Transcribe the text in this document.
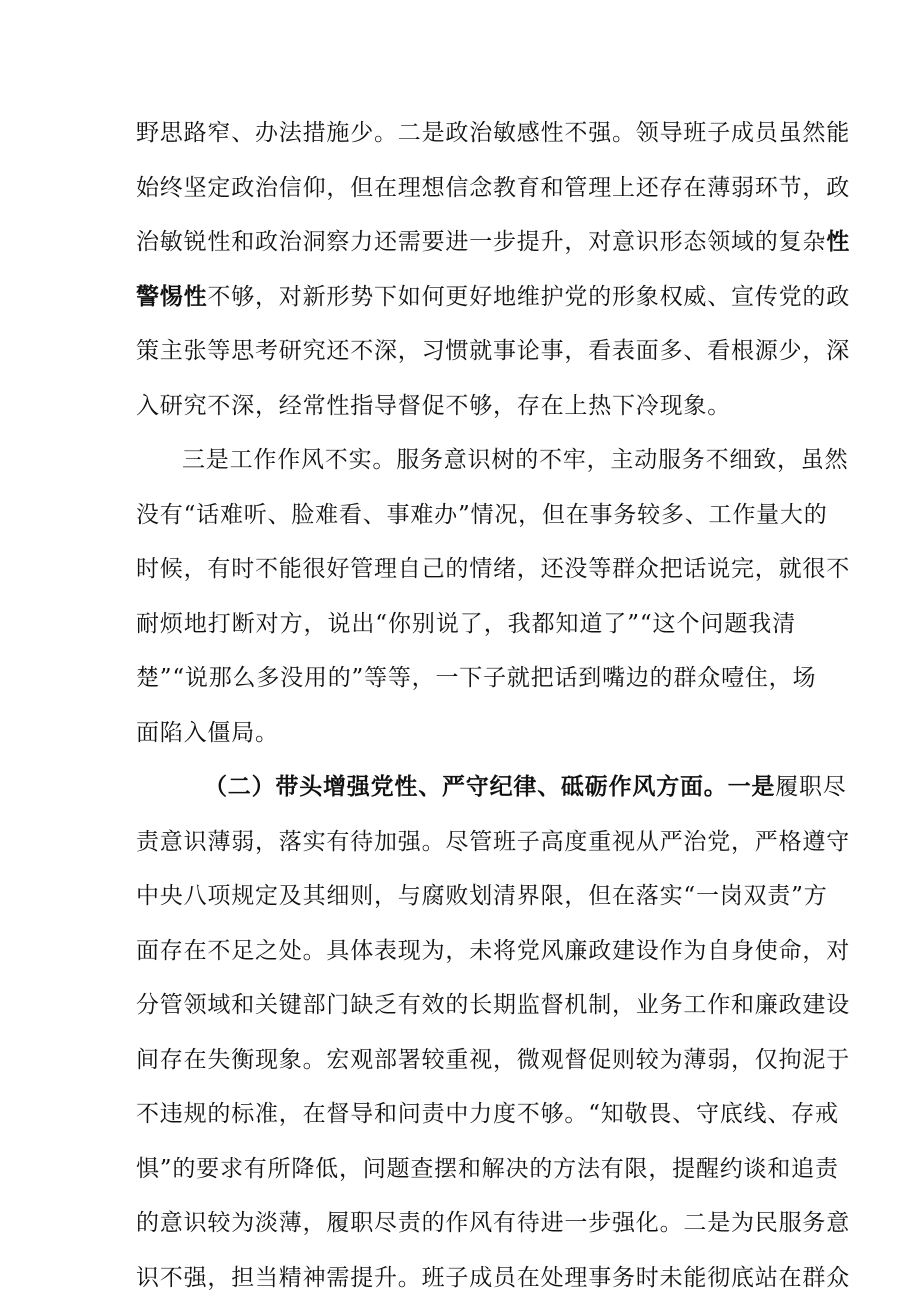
野思路窄、办法措施少。二是政治敏感性不强。领导班子成员虽然能
始终坚定政治信仰，但在理想信念教育和管理上还存在薄弱环节，政
治敏锐性和政治洞察力还需要进一步提升，对意识形态领域的复杂性
警惕性不够，对新形势下如何更好地维护党的形象权威、宣传党的政
策主张等思考研究还不深，习惯就事论事，看表面多、看根源少，深
入研究不深，经常性指导督促不够，存在上热下冷现象。
三是工作作风不实。服务意识树的不牢，主动服务不细致，虽然
没有“话难听、脸难看、事难办”情况，但在事务较多、工作量大的
时候，有时不能很好管理自己的情绪，还没等群众把话说完，就很不
耐烦地打断对方，说出“你别说了，我都知道了”“这个问题我清
楚”“说那么多没用的”等等，一下子就把话到嘴边的群众噎住，场
面陷入僵局。
（二）带头增强党性、严守纪律、砥砺作风方面。一是履职尽
责意识薄弱，落实有待加强。尽管班子高度重视从严治党，严格遵守
中央八项规定及其细则，与腐败划清界限，但在落实“一岗双责”方
面存在不足之处。具体表现为，未将党风廉政建设作为自身使命，对
分管领域和关键部门缺乏有效的长期监督机制，业务工作和廉政建设
间存在失衡现象。宏观部署较重视，微观督促则较为薄弱，仅拘泥于
不违规的标准，在督导和问责中力度不够。“知敬畏、守底线、存戒
惧”的要求有所降低，问题查摆和解决的方法有限，提醒约谈和追责
的意识较为淡薄，履职尽责的作风有待进一步强化。二是为民服务意
识不强，担当精神需提升。班子成员在处理事务时未能彻底站在群众
